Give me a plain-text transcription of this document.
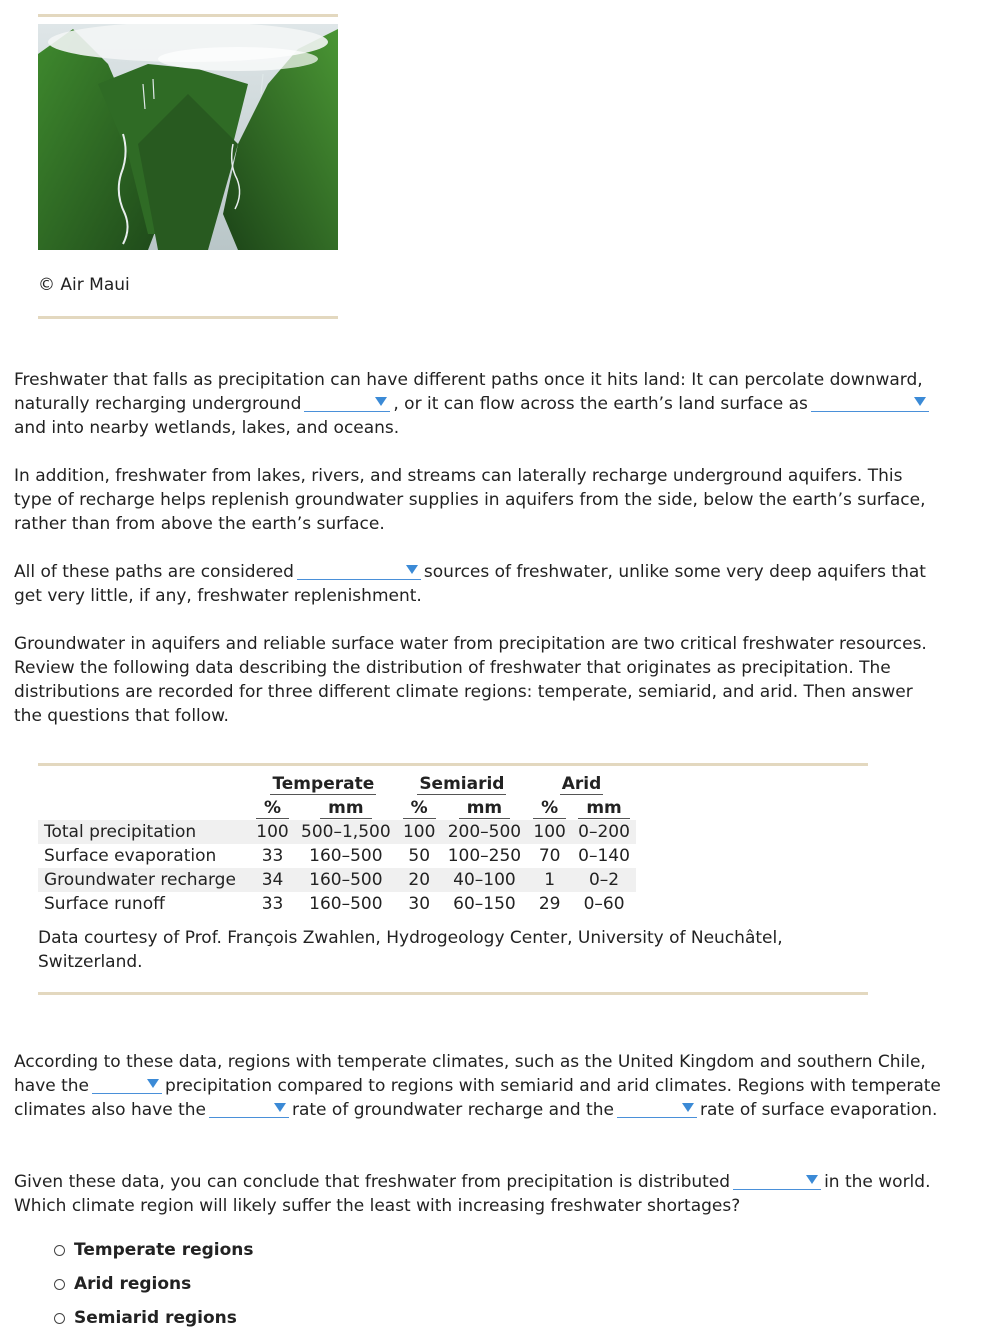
© Air Maui
Freshwater that falls as precipitation can have different paths once it hits land: It can percolate downward, naturally recharging underground	, or it can flow across the earth’s land surface as
and into nearby wetlands, lakes, and oceans.
In addition, freshwater from lakes, rivers, and streams can laterally recharge underground aquifers. This type of recharge helps replenish groundwater supplies in aquifers from the side, below the earth’s surface, rather than from above the earth’s surface.
All of these paths are considered	sources of freshwater, unlike some very deep aquifers that get very little, if any, freshwater replenishment.
Groundwater in aquifers and reliable surface water from precipitation are two critical freshwater resources. Review the following data describing the distribution of freshwater that originates as precipitation. The distributions are recorded for three different climate regions: temperate, semiarid, and arid. Then answer the questions that follow.
	Temperate		Semiarid		Arid	
	%	mm	%	mm	%	mm
Total precipitation	100	500–1,500	100	200–500	100	0–200
Surface evaporation	33	160–500	50	100–250	70	0–140
Groundwater recharge	34	160–500	20	40–100	1	0–2
Surface runoff	33	160–500	30	60–150	29	0–60
Data courtesy of Prof. François Zwahlen, Hydrogeology Center, University of Neuchâtel, Switzerland.
According to these data, regions with temperate climates, such as the United Kingdom and southern Chile, have the	precipitation compared to regions with semiarid and arid climates. Regions with temperate climates also have the	rate of groundwater recharge and the	rate of surface evaporation.
Given these data, you can conclude that freshwater from precipitation is distributed	in the world. Which climate region will likely suffer the least with increasing freshwater shortages?
Temperate regions
Arid regions
Semiarid regions
